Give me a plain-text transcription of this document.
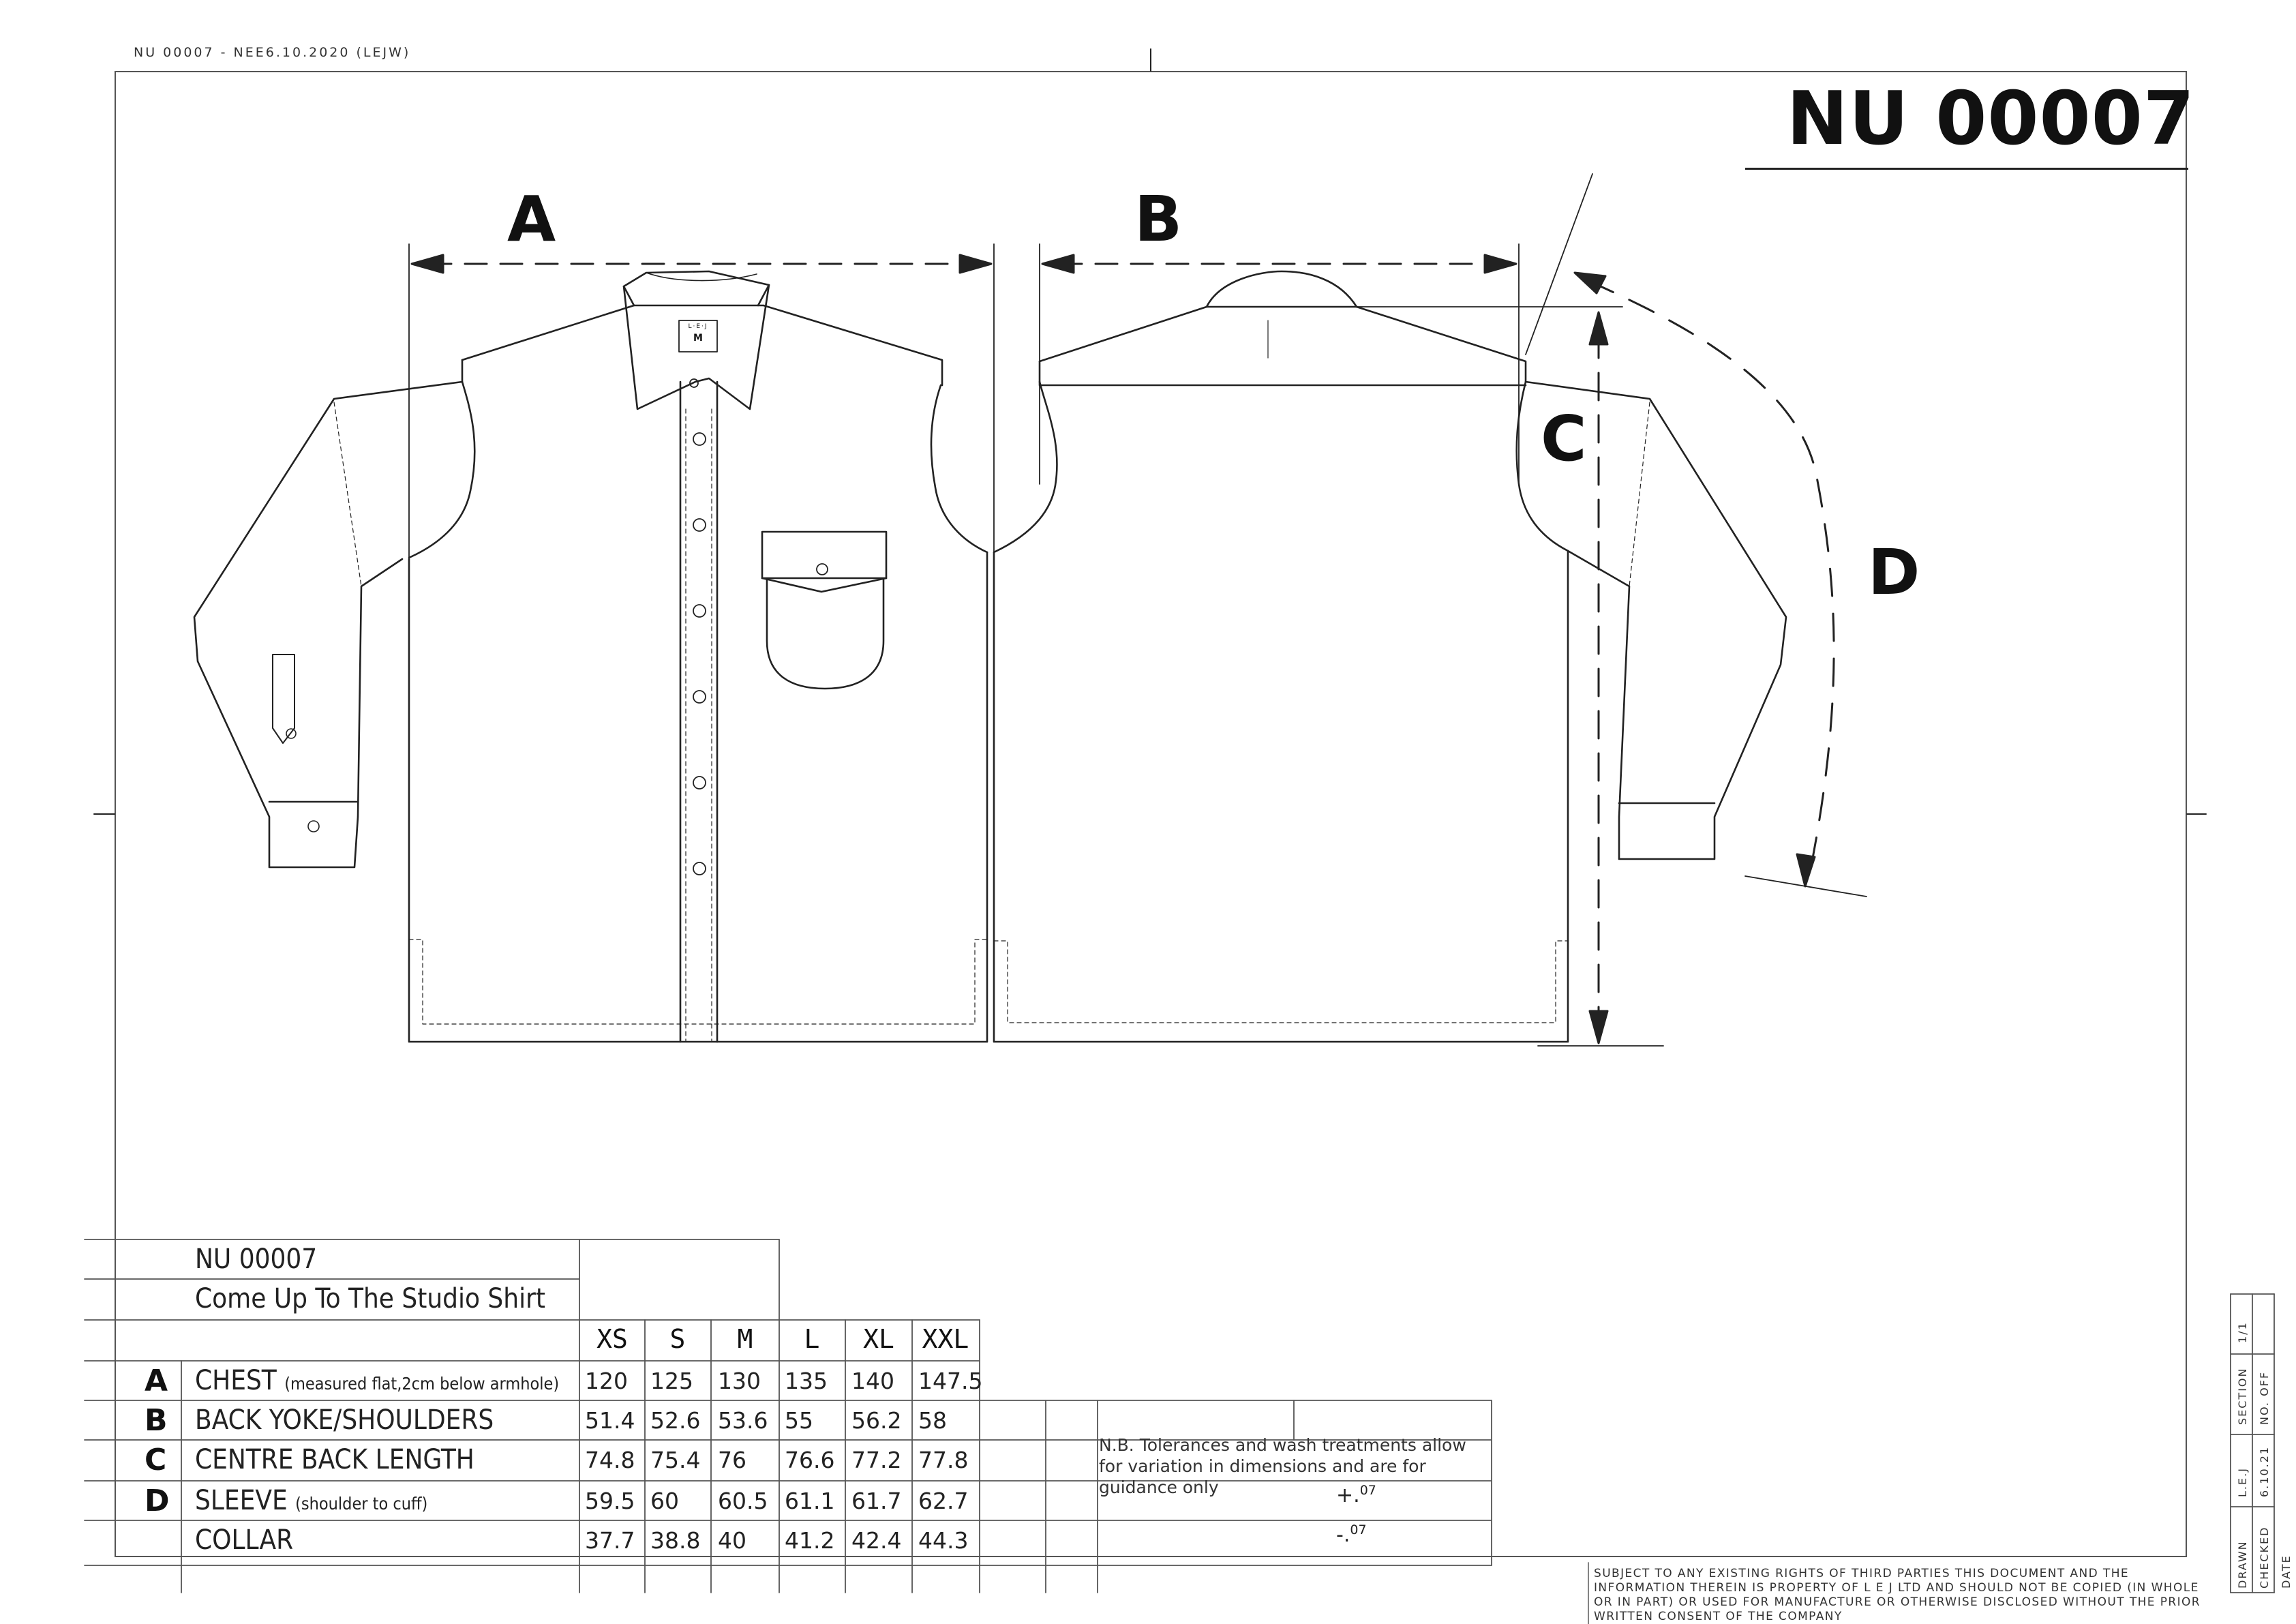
NU 00007 - NEE6.10.2020 (LEJW)
NU 00007
L·E·J
M
A	B
C
D
NU 00007
Come Up To The Studio Shirt
XS	S	M	L	XL	XXL
A CHEST (measured flat,2cm below armhole) 120 125 130 135 140 147.5
B BACK YOKE/SHOULDERS	51.4 52.6 53.6 55 56.2 58
C CENTRE BACK LENGTH	74.8 75.4 76 76.6 77.2 77.8
D SLEEVE (shoulder to cuff)	59.5 60 60.5 61.1 61.7 62.7
COLLAR	37.7 38.8 40 41.2 42.4 44.3
N.B. Tolerances and wash treatments allow for variation in dimensions and are for guidance only	+.$^{07}$
-.$^{07}$
DRAWN
L.E.J
SECTION
1/1
CHECKED
6.10.21
NO. OFF
DATE
SUBJECT TO ANY EXISTING RIGHTS OF THIRD PARTIES THIS DOCUMENT AND THE INFORMATION THEREIN IS PROPERTY OF L E J LTD AND SHOULD NOT BE COPIED (IN WHOLE OR IN PART) OR USED FOR MANUFACTURE OR OTHERWISE DISCLOSED WITHOUT THE PRIOR WRITTEN CONSENT OF THE COMPANY
